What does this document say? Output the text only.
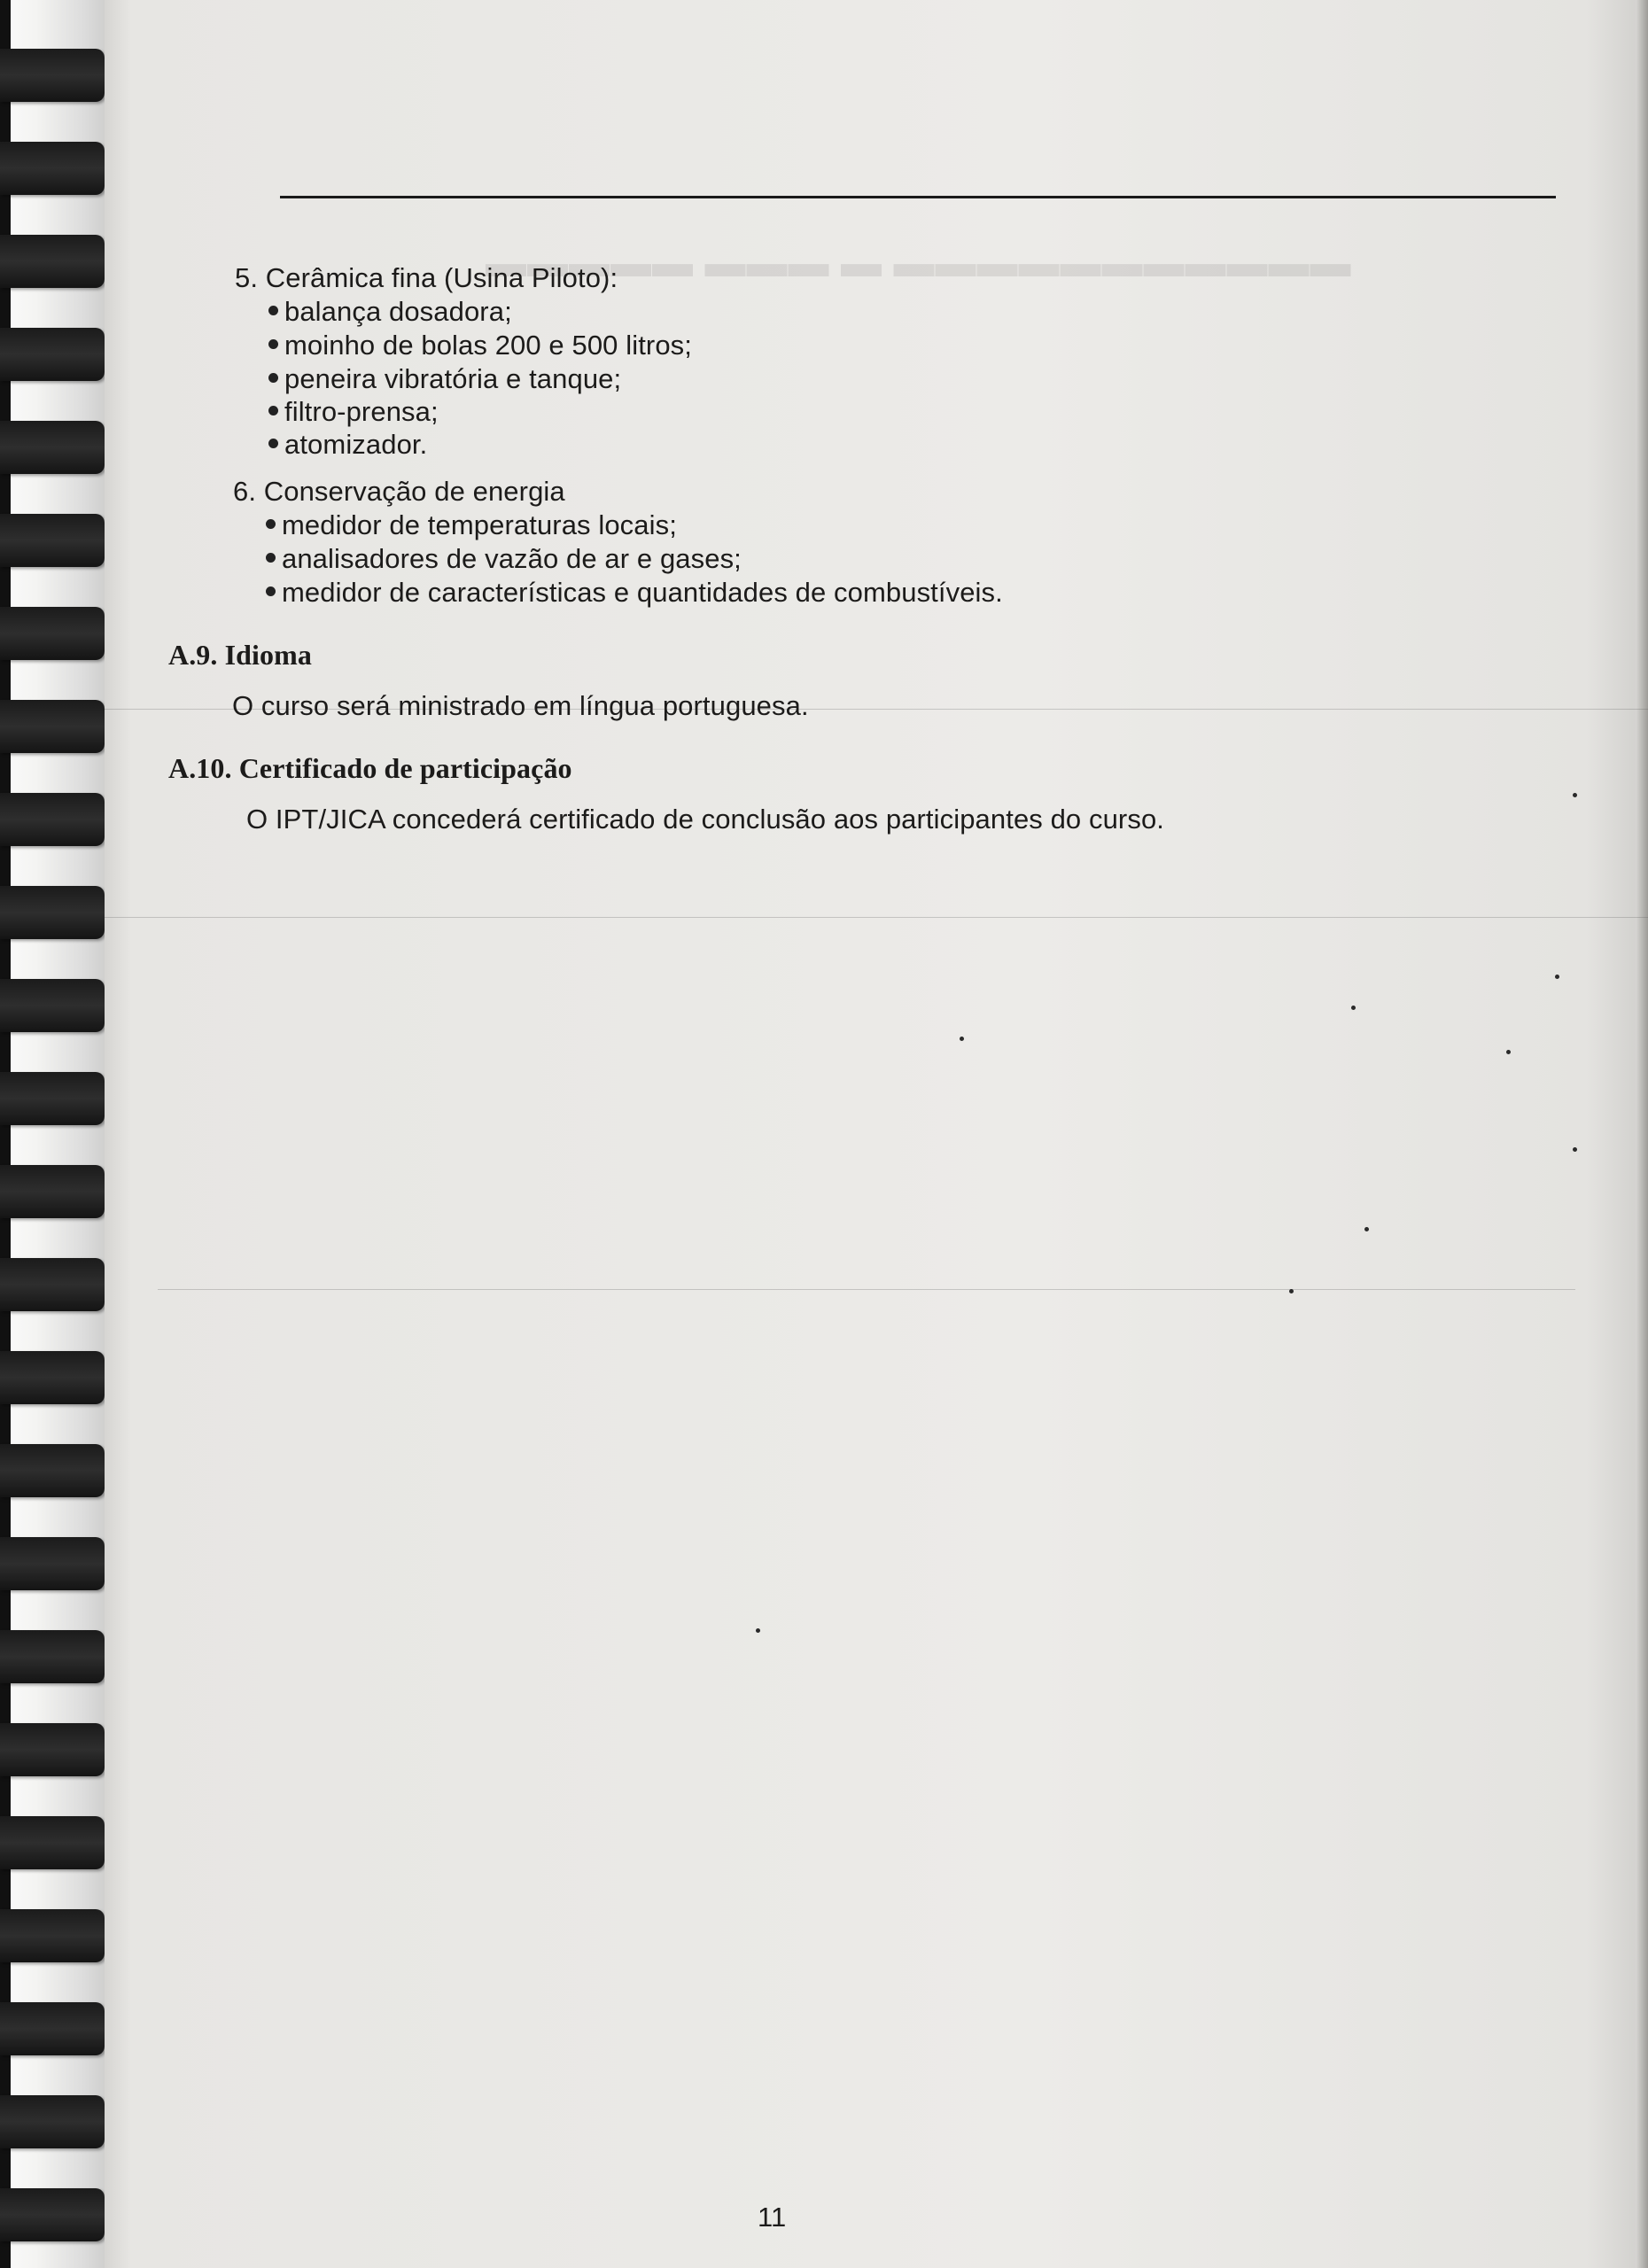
▬▬▬▬▬ ▬▬▬ ▬ ▬▬▬▬▬▬▬▬▬▬▬
5. Cerâmica fina (Usina Piloto):
balança dosadora;
moinho de bolas 200 e 500 litros;
peneira vibratória e tanque;
filtro-prensa;
atomizador.
6. Conservação de energia
medidor de temperaturas locais;
analisadores de vazão de ar e gases;
medidor de características e quantidades de combustíveis.
A.9. Idioma
O curso será ministrado em língua portuguesa.
A.10. Certificado de participação
O IPT/JICA concederá certificado de conclusão aos participantes do curso.
11
